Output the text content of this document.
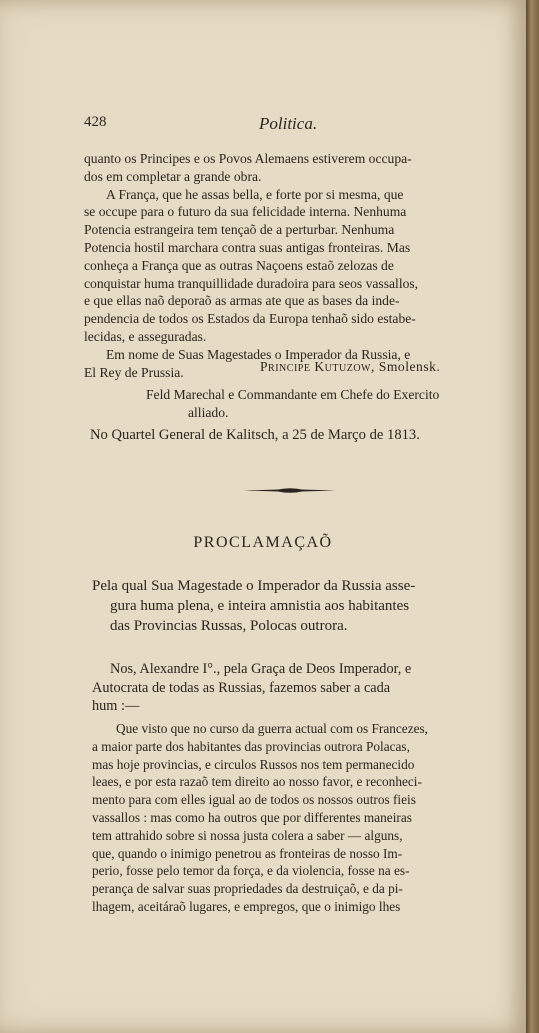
428	Politica.
quanto os Principes e os Povos Alemaens estiverem occupa-
dos em completar a grande obra.
A França, que he assas bella, e forte por si mesma, que
se occupe para o futuro da sua felicidade interna. Nenhuma
Potencia estrangeira tem tençaõ de a perturbar. Nenhuma
Potencia hostil marchara contra suas antigas fronteiras. Mas
conheça a França que as outras Naçoens estaõ zelozas de
conquistar huma tranquillidade duradoira para seos vassallos,
e que ellas naõ deporaõ as armas ate que as bases da inde-
pendencia de todos os Estados da Europa tenhaõ sido estabe-
lecidas, e asseguradas.
Em nome de Suas Magestades o Imperador da Russia, e
El Rey de Prussia.	Principe Kutuzow, Smolensk.
Feld Marechal e Commandante em Chefe do Exercito
alliado.
No Quartel General de Kalitsch, a 25 de Março de 1813.
PROCLAMAÇAÕ
Pela qual Sua Magestade o Imperador da Russia asse-
gura huma plena, e inteira amnistia aos habitantes
das Provincias Russas, Polocas outrora.
Nos, Alexandre I°., pela Graça de Deos Imperador, e
Autocrata de todas as Russias, fazemos saber a cada
hum :—
Que visto que no curso da guerra actual com os Francezes,
a maior parte dos habitantes das provincias outrora Polacas,
mas hoje provincias, e circulos Russos nos tem permanecido
leaes, e por esta razaõ tem direito ao nosso favor, e reconheci-
mento para com elles igual ao de todos os nossos outros fieis
vassallos : mas como ha outros que por differentes maneiras
tem attrahido sobre si nossa justa colera a saber — alguns,
que, quando o inimigo penetrou as fronteiras de nosso Im-
perio, fosse pelo temor da força, e da violencia, fosse na es-
perança de salvar suas propriedades da destruiçaõ, e da pi-
lhagem, aceitáraõ lugares, e empregos, que o inimigo lhes
